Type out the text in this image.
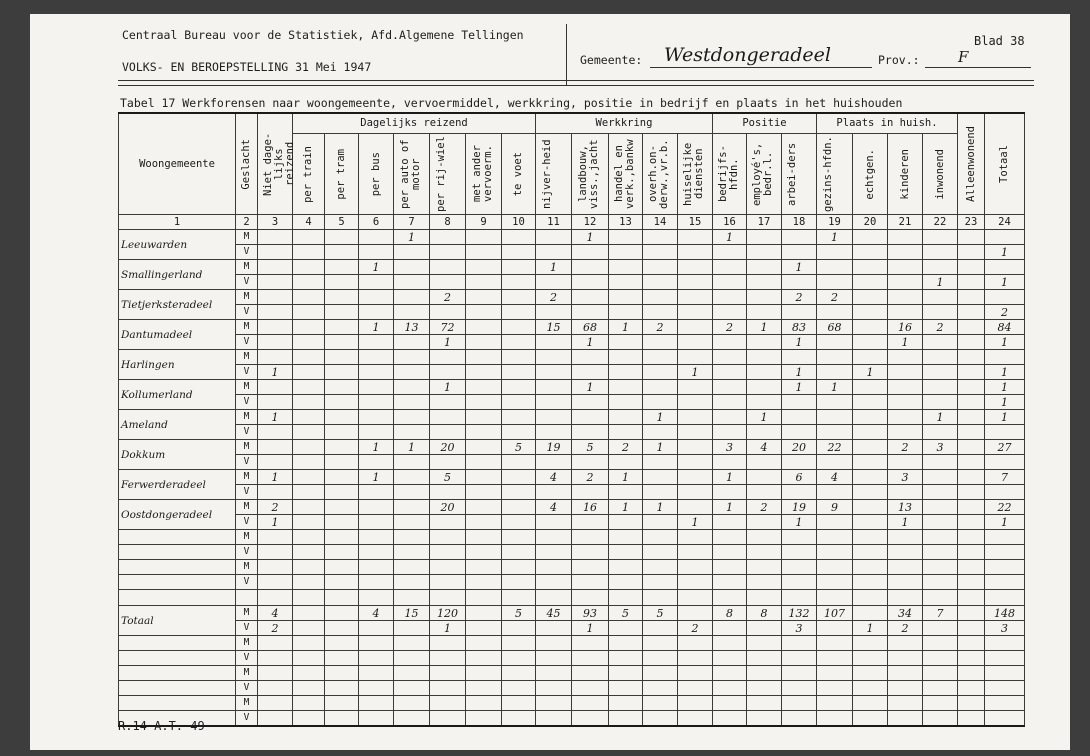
Centraal Bureau voor de Statistiek, Afd.Algemene Tellingen
VOLKS- EN BEROEPSTELLING 31 Mei 1947	Gemeente: Westdongeradeel	Prov.:	F
Blad 38
Tabel 17 Werkforensen naar woongemeente, vervoermiddel, werkkring, positie in bedrijf en plaats in het huishouden
R.14 A.T.-49
Woongemeente	Geslacht	Niet dage-lijks reizend	Dagelijks reizend							Werkkring					Positie			Plaats in huish.				Alleenwonend	Totaal

			per train	per tram	per bus	per auto of motor	per rij-wiel	met ander vervoerm.	te voet	nijver-heid	landbouw, viss.,jacht	handel en verk.,bankw	overh.on-derw.,vr.b.	huiselijke diensten	bedrijfs-hfdn.	employé's, bedr.l.	arbei-ders	gezins-hfdn.	echtgen.	kinderen	inwonend		

1	2	3	4	5	6	7	8	9	10	11	12	13	14	15	16	17	18	19	20	21	22	23	24
Leeuwarden	M					1					1				1			1					
	V																						1
Smallingerland	M				1					1							1						
	V																				1		1
Tietjerksteradeel	M						2			2							2	2					
	V																						2
Dantumadeel	M				1	13	72			15	68	1	2		2	1	83	68		16	2		84
	V						1				1						1			1			1
Harlingen	M																						
	V	1												1			1		1				1
Kollumerland	M						1				1						1	1					1
	V																						1
Ameland	M	1											1			1					1		1
	V																						
Dokkum	M				1	1	20		5	19	5	2	1		3	4	20	22		2	3		27
	V																						
Ferwerderadeel	M	1			1		5			4	2	1			1		6	4		3			7
	V																						
Oostdongeradeel	M	2					20			4	16	1	1		1	2	19	9		13			22
	V	1												1			1			1			1
	M																						
	V																						
	M																						
	V																						

Totaal	M	4			4	15	120		5	45	93	5	5		8	8	132	107		34	7		148
	V	2					1				1			2			3		1	2			3
	M																						
	V																						
	M																						
	V																						
	M																						
	V																						
